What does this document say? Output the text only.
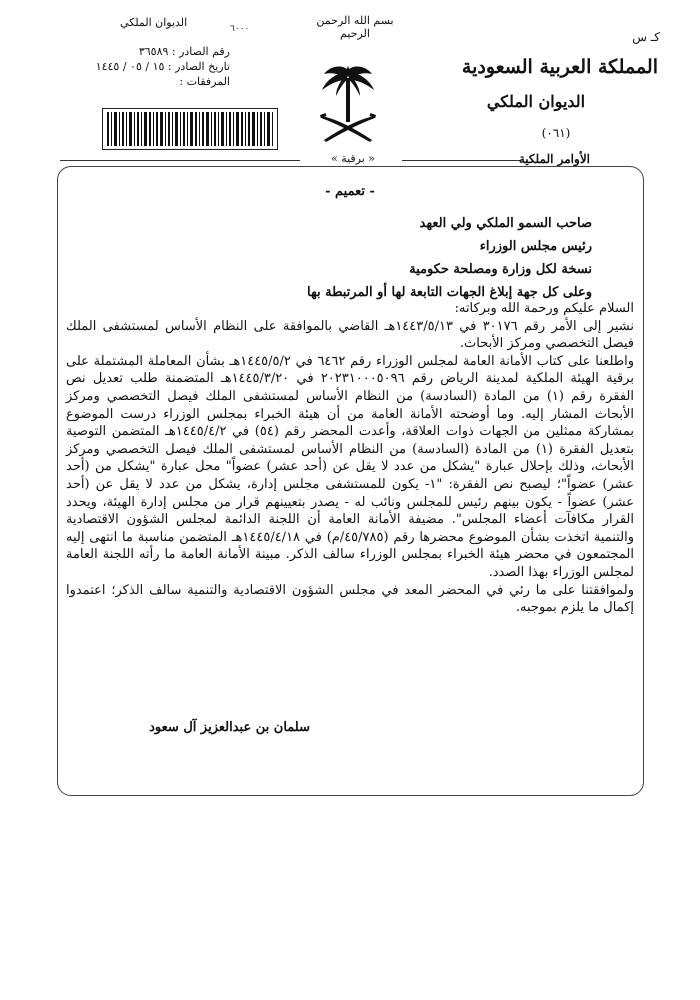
الديوان الملكي	٦٠٠٠
بسم الله الرحمن الرحيم
رقم الصادر : ٣٦٥٨٩
تاريخ الصادر : ١٥ / ٠٥ / ١٤٤٥
المرفقات :
كـ س
المملكة العربية السعودية
الديوان الملكي
(٠٦١)
« برقية »	الأوامر الملكية
- تعميم -
صاحب السمو الملكي ولي العهد
رئيس مجلس الوزراء
نسخة لكل وزارة ومصلحة حكومية
وعلى كل جهة إبلاغ الجهات التابعة لها أو المرتبطة بها

السلام عليكم ورحمة الله وبركاته:

نشير إلى الأمر رقم ٣٠١٧٦ في ١٤٤٣/٥/١٣هـ القاضي بالموافقة على النظام الأساس لمستشفى الملك فيصل التخصصي ومركز الأبحاث.

واطلعنا على كتاب الأمانة العامة لمجلس الوزراء رقم ٦٤٦٢ في ١٤٤٥/٥/٢هـ بشأن المعاملة المشتملة على برقية الهيئة الملكية لمدينة الرياض رقم ٢٠٢٣١٠٠٠٥٠٩٦ في ١٤٤٥/٣/٢٠هـ المتضمنة طلب تعديل نص الفقرة رقم (١) من المادة (السادسة) من النظام الأساس لمستشفى الملك فيصل التخصصي ومركز الأبحاث المشار إليه. وما أوضحته الأمانة العامة من أن هيئة الخبراء بمجلس الوزراء درست الموضوع بمشاركة ممثلين من الجهات ذوات العلاقة، وأعدت المحضر رقم (٥٤) في ١٤٤٥/٤/٢هـ المتضمن التوصية بتعديل الفقرة (١) من المادة (السادسة) من النظام الأساس لمستشفى الملك فيصل التخصصي ومركز الأبحاث، وذلك بإحلال عبارة "يشكل من عدد لا يقل عن (أحد عشر) عضواً" محل عبارة "يشكل من (أحد عشر) عضواً"؛ ليصبح نص الفقرة: "١- يكون للمستشفى مجلس إدارة، يشكل من عدد لا يقل عن (أحد عشر) عضواً - يكون بينهم رئيس للمجلس ونائب له - يصدر بتعيينهم قرار من مجلس إدارة الهيئة، ويحدد القرار مكافآت أعضاء المجلس". مضيفة الأمانة العامة أن اللجنة الدائمة لمجلس الشؤون الاقتصادية والتنمية اتخذت بشأن الموضوع محضرها رقم (٤٥/٧٨٥/م) في ١٤٤٥/٤/١٨هـ المتضمن مناسبة ما انتهى إليه المجتمعون في محضر هيئة الخبراء بمجلس الوزراء سالف الذكر. مبينة الأمانة العامة ما رأته اللجنة العامة لمجلس الوزراء بهذا الصدد.

ولموافقتنا على ما رئي في المحضر المعد في مجلس الشؤون الاقتصادية والتنمية سالف الذكر؛ اعتمدوا إكمال ما يلزم بموجبه.

سلمان بن عبدالعزيز آل سعود
